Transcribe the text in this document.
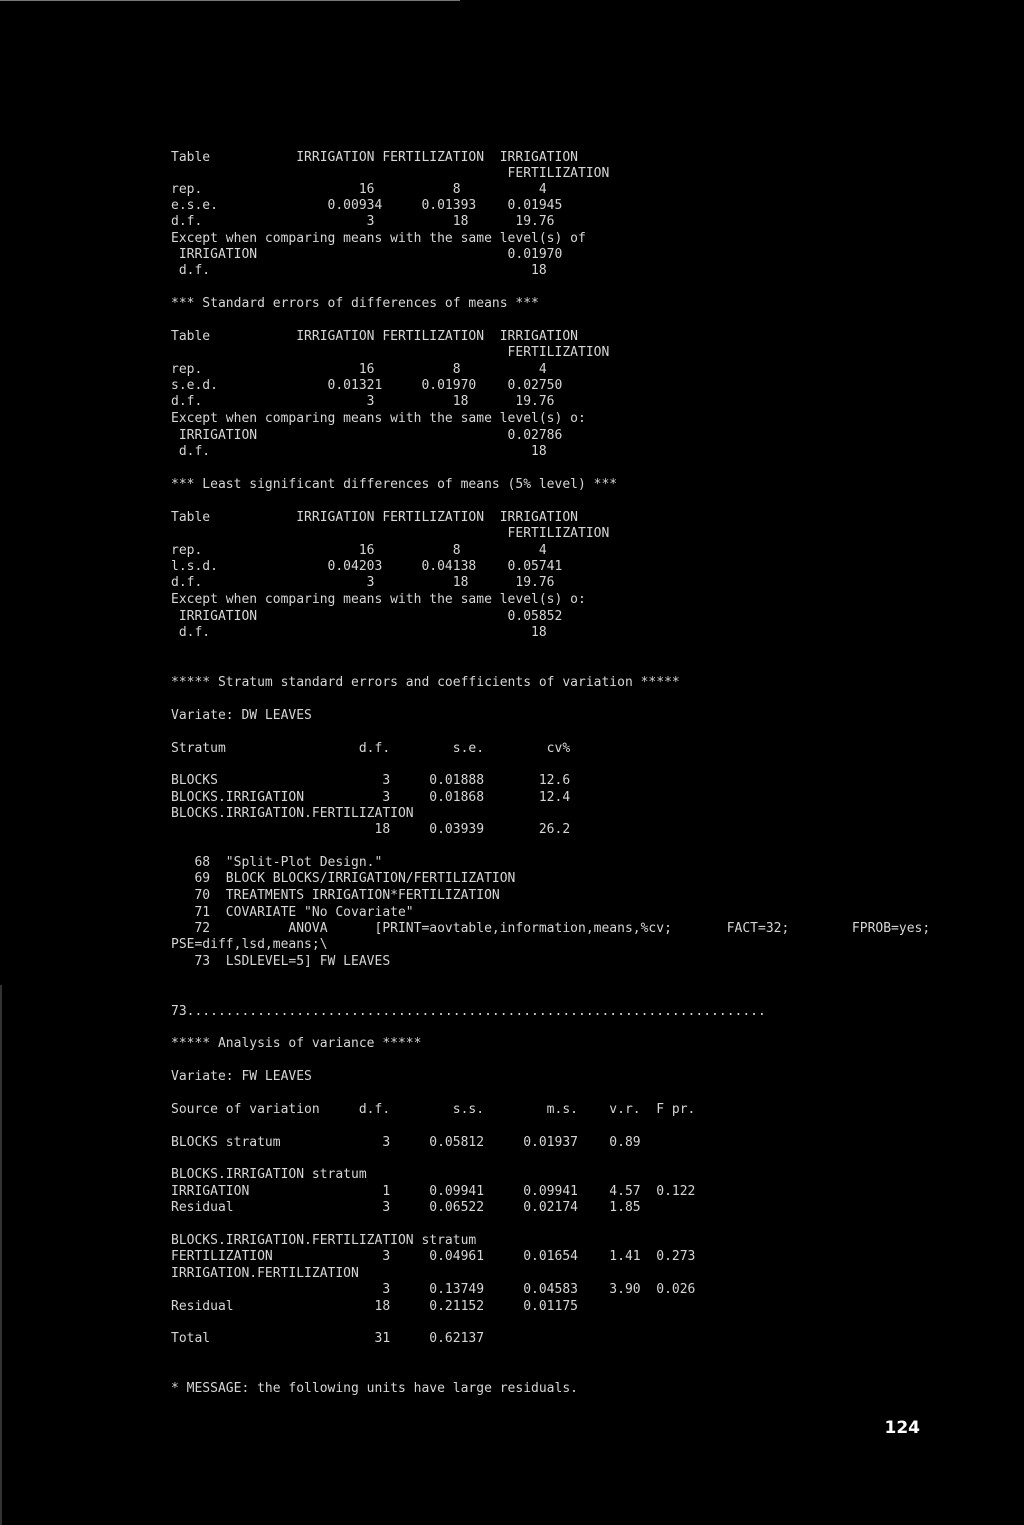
Table           IRRIGATION FERTILIZATION  IRRIGATION
FERTILIZATION
rep.                    16          8          4
e.s.e.              0.00934     0.01393    0.01945
d.f.                     3          18      19.76
Except when comparing means with the same level(s) of
IRRIGATION                                0.01970
d.f.                                         18
*** Standard errors of differences of means ***
Table           IRRIGATION FERTILIZATION  IRRIGATION
FERTILIZATION
rep.                    16          8          4
s.e.d.              0.01321     0.01970    0.02750
d.f.                     3          18      19.76
Except when comparing means with the same level(s) o:
IRRIGATION                                0.02786
d.f.                                         18
*** Least significant differences of means (5% level) ***
Table           IRRIGATION FERTILIZATION  IRRIGATION
FERTILIZATION
rep.                    16          8          4
l.s.d.              0.04203     0.04138    0.05741
d.f.                     3          18      19.76
Except when comparing means with the same level(s) o:
IRRIGATION                                0.05852
d.f.                                         18
***** Stratum standard errors and coefficients of variation *****
Variate: DW LEAVES
Stratum                 d.f.        s.e.        cv%
BLOCKS                     3     0.01888       12.6
BLOCKS.IRRIGATION          3     0.01868       12.4
BLOCKS.IRRIGATION.FERTILIZATION
18     0.03939       26.2
68  "Split-Plot Design."
69  BLOCK BLOCKS/IRRIGATION/FERTILIZATION
70  TREATMENTS IRRIGATION*FERTILIZATION
71  COVARIATE "No Covariate"
72          ANOVA      [PRINT=aovtable,information,means,%cv;       FACT=32;        FPROB=yes;
PSE=diff,lsd,means;\
73  LSDLEVEL=5] FW LEAVES
73..........................................................................
***** Analysis of variance *****
Variate: FW LEAVES
Source of variation     d.f.        s.s.        m.s.    v.r.  F pr.
BLOCKS stratum             3     0.05812     0.01937    0.89
BLOCKS.IRRIGATION stratum
IRRIGATION                 1     0.09941     0.09941    4.57  0.122
Residual                   3     0.06522     0.02174    1.85
BLOCKS.IRRIGATION.FERTILIZATION stratum
FERTILIZATION              3     0.04961     0.01654    1.41  0.273
IRRIGATION.FERTILIZATION
3     0.13749     0.04583    3.90  0.026
Residual                  18     0.21152     0.01175
Total                     31     0.62137
* MESSAGE: the following units have large residuals.
124
